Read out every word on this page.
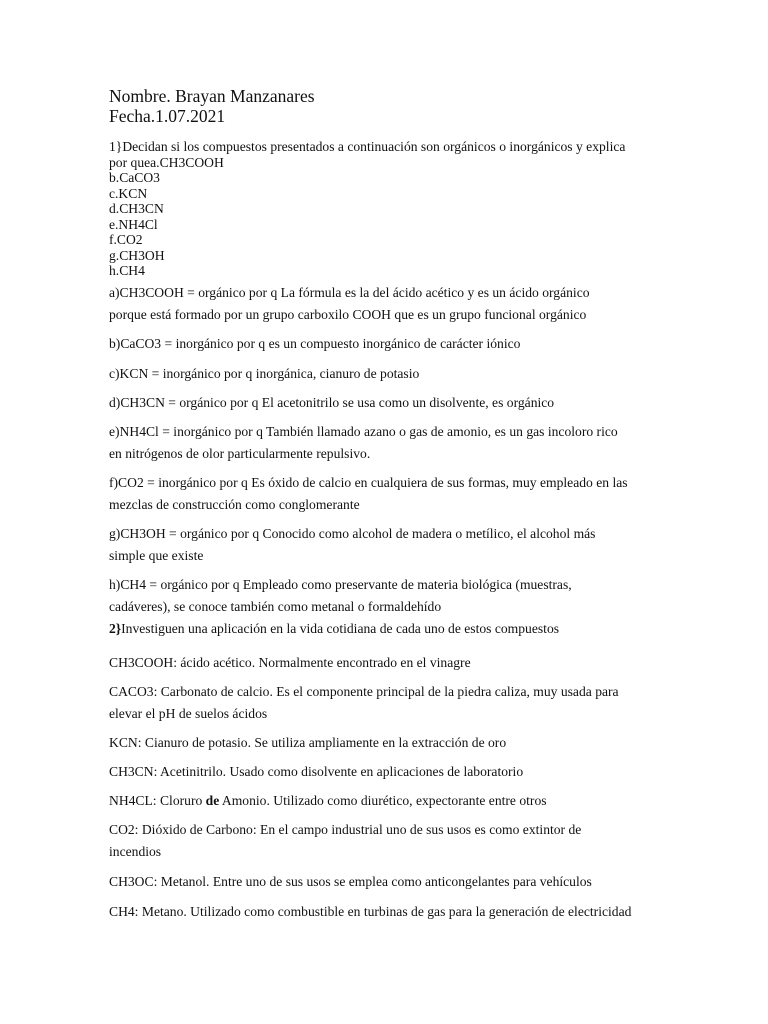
Nombre. Brayan Manzanares
Fecha.1.07.2021
1}Decidan si los compuestos presentados a continuación son orgánicos o inorgánicos y explica
por quea.CH3COOH
b.CaCO3
c.KCN
d.CH3CN
e.NH4Cl
f.CO2
g.CH3OH
h.CH4
a)CH3COOH = orgánico por q La fórmula es la del ácido acético y es un ácido orgánico
porque está formado por un grupo carboxilo COOH que es un grupo funcional orgánico
b)CaCO3 = inorgánico por q es un compuesto inorgánico de carácter iónico
c)KCN = inorgánico por q inorgánica, cianuro de potasio
d)CH3CN = orgánico por q El acetonitrilo se usa como un disolvente, es orgánico
e)NH4Cl = inorgánico por q También llamado azano o gas de amonio, es un gas incoloro rico
en nitrógenos de olor particularmente repulsivo.
f)CO2 = inorgánico por q Es óxido de calcio en cualquiera de sus formas, muy empleado en las
mezclas de construcción como conglomerante
g)CH3OH = orgánico por q Conocido como alcohol de madera o metílico, el alcohol más
simple que existe
h)CH4 = orgánico por q Empleado como preservante de materia biológica (muestras,
cadáveres), se conoce también como metanal o formaldehído
2}Investiguen una aplicación en la vida cotidiana de cada uno de estos compuestos
CH3COOH: ácido acético. Normalmente encontrado en el vinagre
CACO3: Carbonato de calcio. Es el componente principal de la piedra caliza, muy usada para
elevar el pH de suelos ácidos
KCN: Cianuro de potasio. Se utiliza ampliamente en la extracción de oro
CH3CN: Acetinitrilo. Usado como disolvente en aplicaciones de laboratorio
NH4CL: Cloruro de Amonio. Utilizado como diurético, expectorante entre otros
CO2: Dióxido de Carbono: En el campo industrial uno de sus usos es como extintor de
incendios
CH3OC: Metanol. Entre uno de sus usos se emplea como anticongelantes para vehículos
CH4: Metano. Utilizado como combustible en turbinas de gas para la generación de electricidad
